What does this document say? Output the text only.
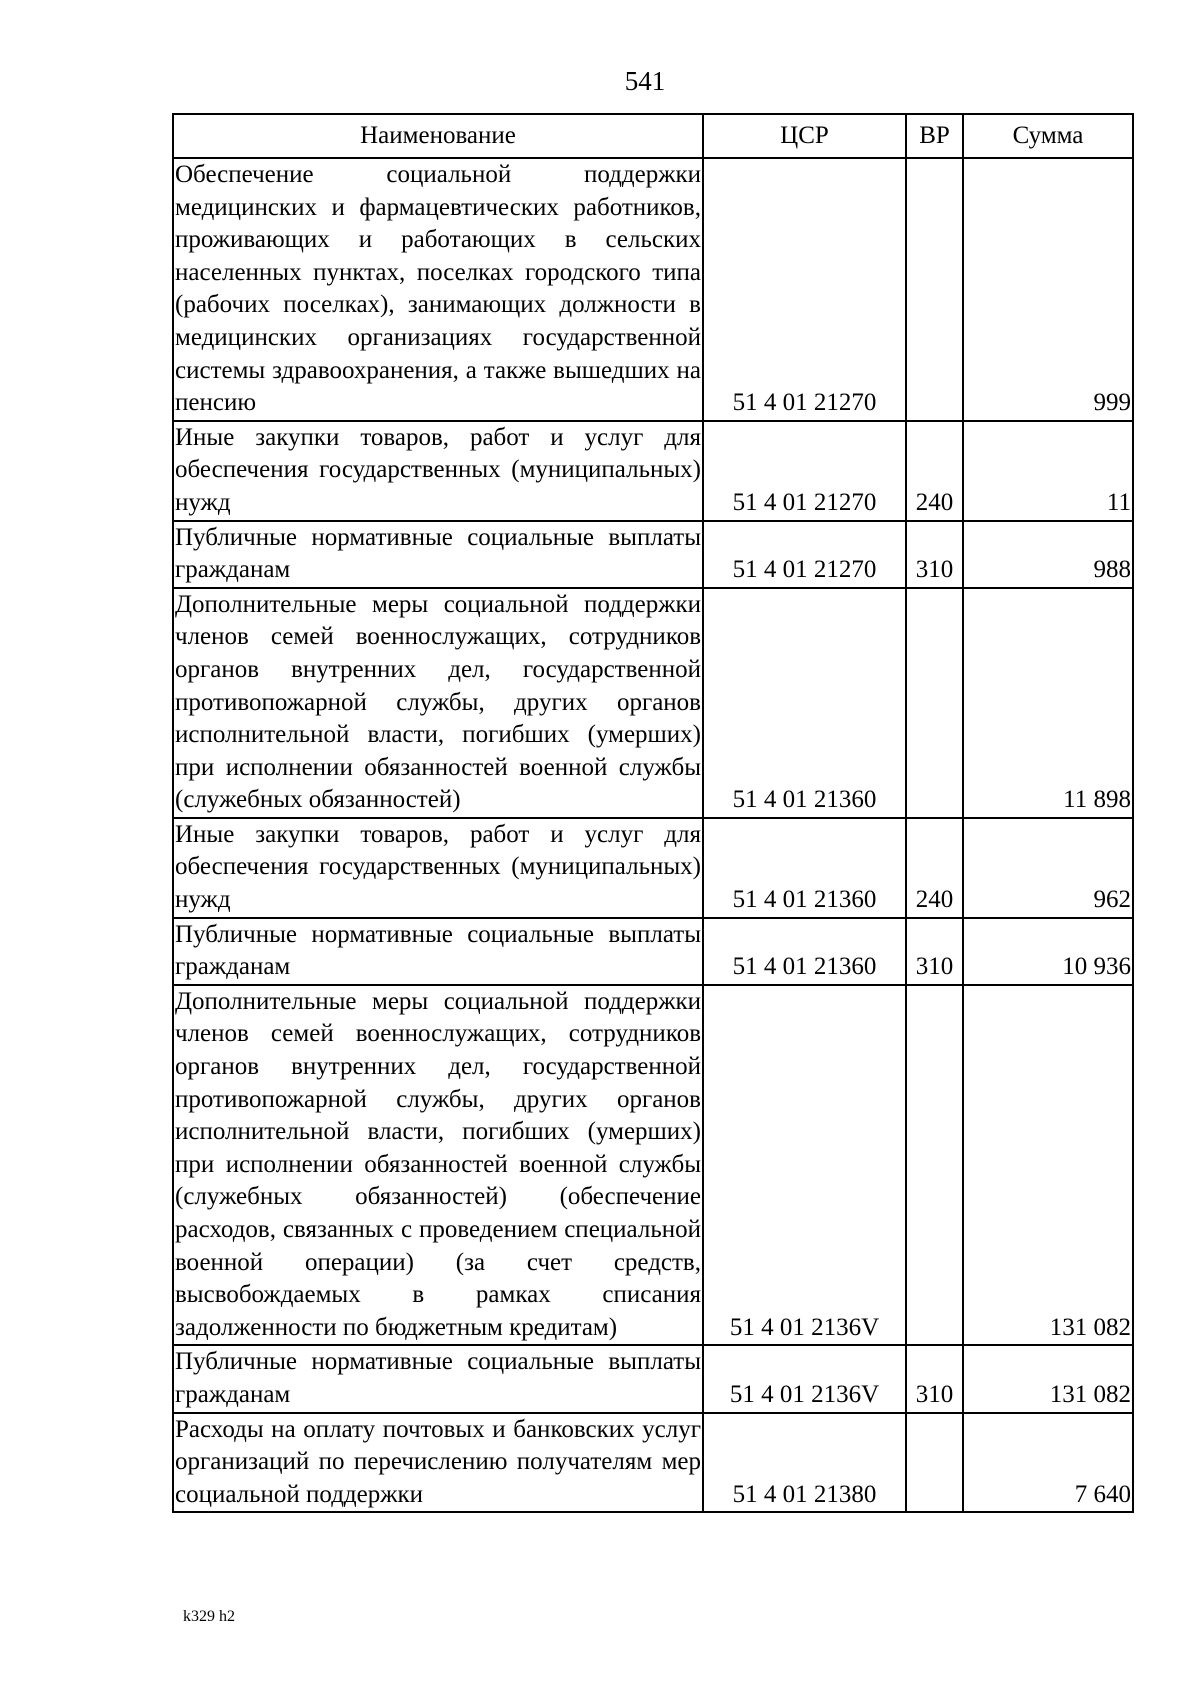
541
Наименование	ЦСР	ВР	Сумма
Обеспечение социальной поддержки медицинских и фармацевтических работников, проживающих и работающих в сельских населенных пунктах, поселках городского типа (рабочих поселках), занимающих должности в медицинских организациях государственной системы здравоохранения, а также вышедших на пенсию	51 4 01 21270		999
Иные закупки товаров, работ и услуг для обеспечения государственных (муниципальных) нужд	51 4 01 21270	240	11
Публичные нормативные социальные выплаты гражданам	51 4 01 21270	310	988
Дополнительные меры социальной поддержки членов семей военнослужащих, сотрудников органов внутренних дел, государственной противопожарной службы, других органов исполнительной власти, погибших (умерших) при исполнении обязанностей военной службы (служебных обязанностей)	51 4 01 21360		11 898
Иные закупки товаров, работ и услуг для обеспечения государственных (муниципальных) нужд	51 4 01 21360	240	962
Публичные нормативные социальные выплаты гражданам	51 4 01 21360	310	10 936
Дополнительные меры социальной поддержки членов семей военнослужащих, сотрудников органов внутренних дел, государственной противопожарной службы, других органов исполнительной власти, погибших (умерших) при исполнении обязанностей военной службы (служебных обязанностей) (обеспечение расходов, связанных с проведением специальной военной операции) (за счет средств, высвобождаемых в рамках списания задолженности по бюджетным кредитам)	51 4 01 2136V		131 082
Публичные нормативные социальные выплаты гражданам	51 4 01 2136V	310	131 082
Расходы на оплату почтовых и банковских услуг организаций по перечислению получателям мер социальной поддержки	51 4 01 21380		7 640
k329 h2
